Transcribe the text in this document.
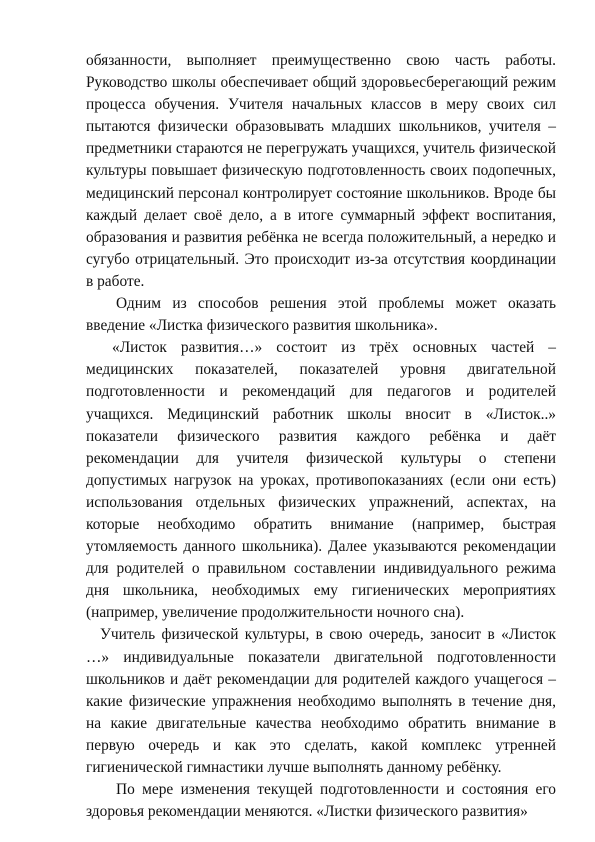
обязанности, выполняет преимущественно свою часть работы. Руководство школы обеспечивает общий здоровьесберегающий режим процесса обучения. Учителя начальных классов в меру своих сил пытаются физически образовывать младших школьников, учителя – предметники стараются не перегружать учащихся, учитель физической культуры повышает физическую подготовленность своих подопечных, медицинский персонал контролирует состояние школьников. Вроде бы каждый делает своё дело, а в итоге суммарный эффект воспитания, образования и развития ребёнка не всегда положительный, а нередко и сугубо отрицательный. Это происходит из-за отсутствия координации в работе.

Одним из способов решения этой проблемы может оказать введение «Листка физического развития школьника».

«Листок развития…» состоит из трёх основных частей – медицинских показателей, показателей уровня двигательной подготовленности и рекомендаций для педагогов и родителей учащихся. Медицинский работник школы вносит в «Листок..» показатели физического развития каждого ребёнка и даёт рекомендации для учителя физической культуры о степени допустимых нагрузок на уроках, противопоказаниях (если они есть) использования отдельных физических упражнений, аспектах, на которые необходимо обратить внимание (например, быстрая утомляемость данного школьника). Далее указываются рекомендации для родителей о правильном составлении индивидуального режима дня школьника, необходимых ему гигиенических мероприятиях (например, увеличение продолжительности ночного сна).

Учитель физической культуры, в свою очередь, заносит в «Листок …» индивидуальные показатели двигательной подготовленности школьников и даёт рекомендации для родителей каждого учащегося – какие физические упражнения необходимо выполнять в течение дня, на какие двигательные качества необходимо обратить внимание в первую очередь и как это сделать, какой комплекс утренней гигиенической гимнастики лучше выполнять данному ребёнку.

По мере изменения текущей подготовленности и состояния его здоровья рекомендации меняются. «Листки физического развития»
